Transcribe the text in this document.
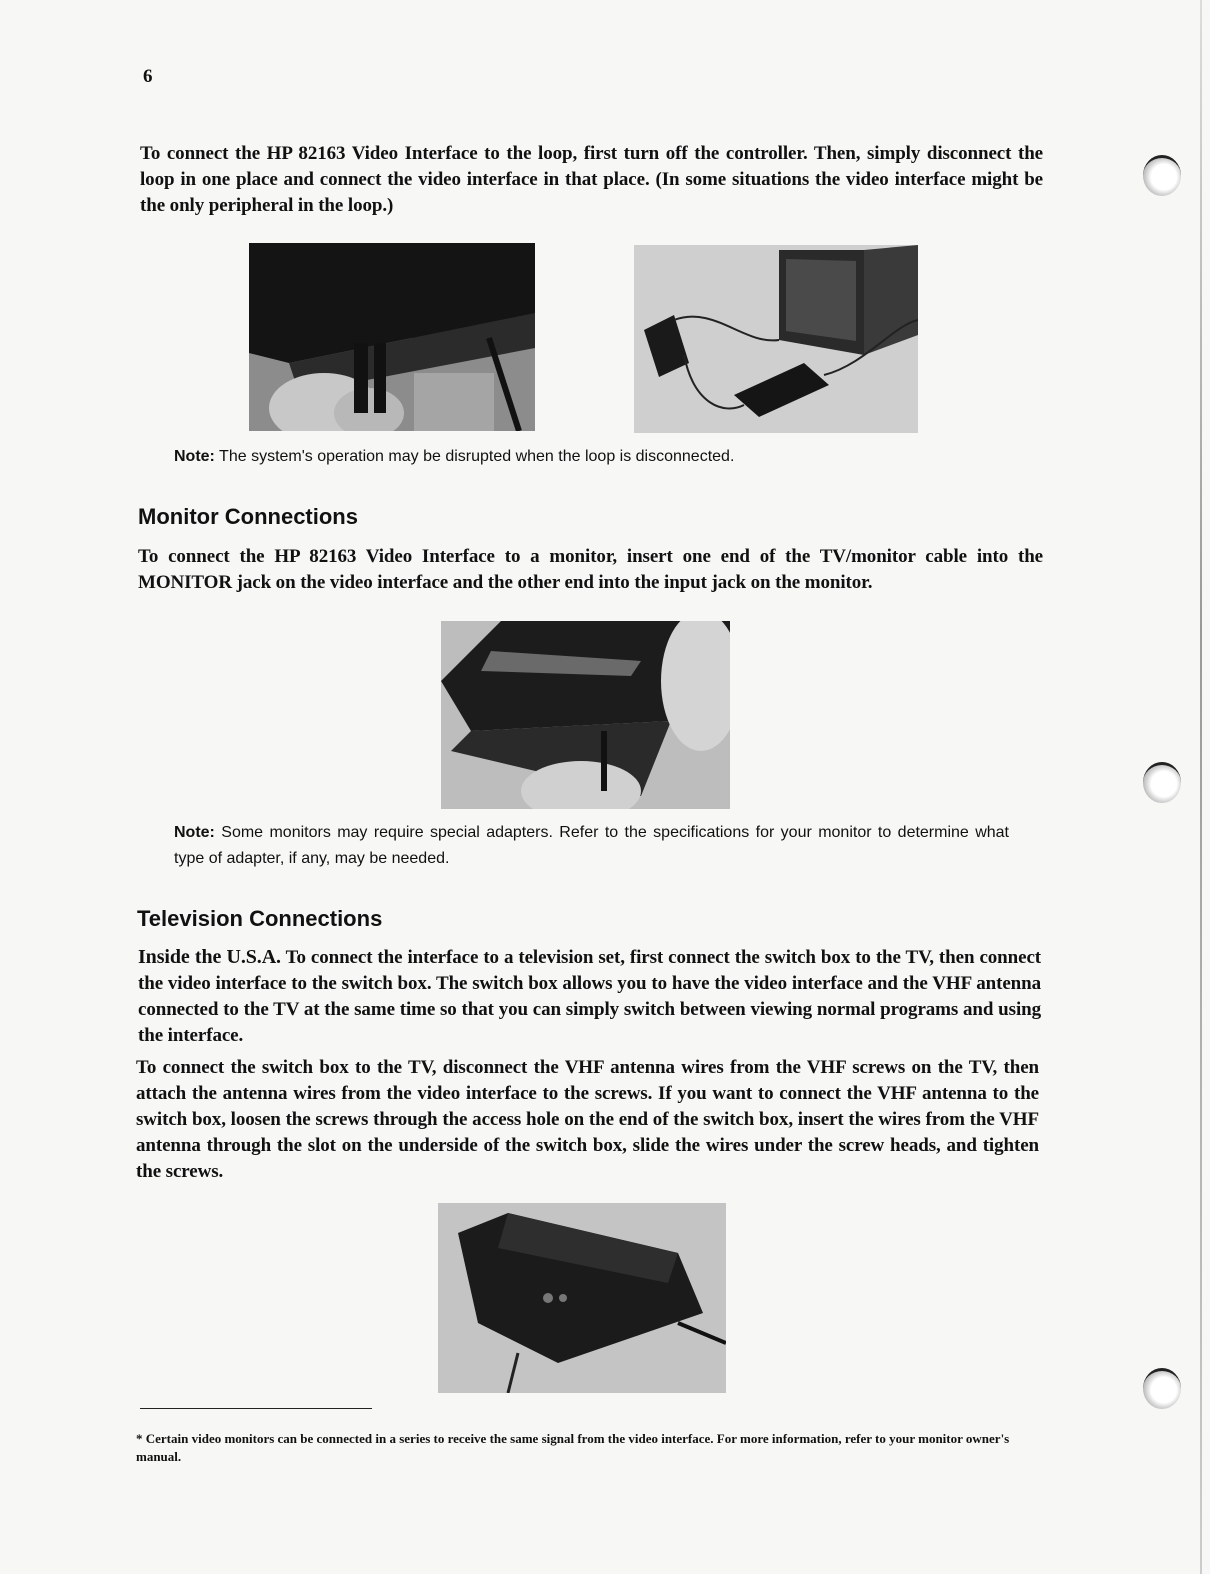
6
To connect the HP 82163 Video Interface to the loop, first turn off the controller. Then, simply disconnect the loop in one place and connect the video interface in that place. (In some situations the video interface might be the only peripheral in the loop.)
Note: The system's operation may be disrupted when the loop is disconnected.
Monitor Connections
To connect the HP 82163 Video Interface to a monitor, insert one end of the TV/monitor cable into the MONITOR jack on the video interface and the other end into the input jack on the monitor.
Note: Some monitors may require special adapters. Refer to the specifications for your monitor to determine what type of adapter, if any, may be needed.
Television Connections
Inside the U.S.A. To connect the interface to a television set, first connect the switch box to the TV, then connect the video interface to the switch box. The switch box allows you to have the video interface and the VHF antenna connected to the TV at the same time so that you can simply switch between viewing normal programs and using the interface.
To connect the switch box to the TV, disconnect the VHF antenna wires from the VHF screws on the TV, then attach the antenna wires from the video interface to the screws. If you want to connect the VHF antenna to the switch box, loosen the screws through the access hole on the end of the switch box, insert the wires from the VHF antenna through the slot on the underside of the switch box, slide the wires under the screw heads, and tighten the screws.
* Certain video monitors can be connected in a series to receive the same signal from the video interface. For more information, refer to your monitor owner's manual.
